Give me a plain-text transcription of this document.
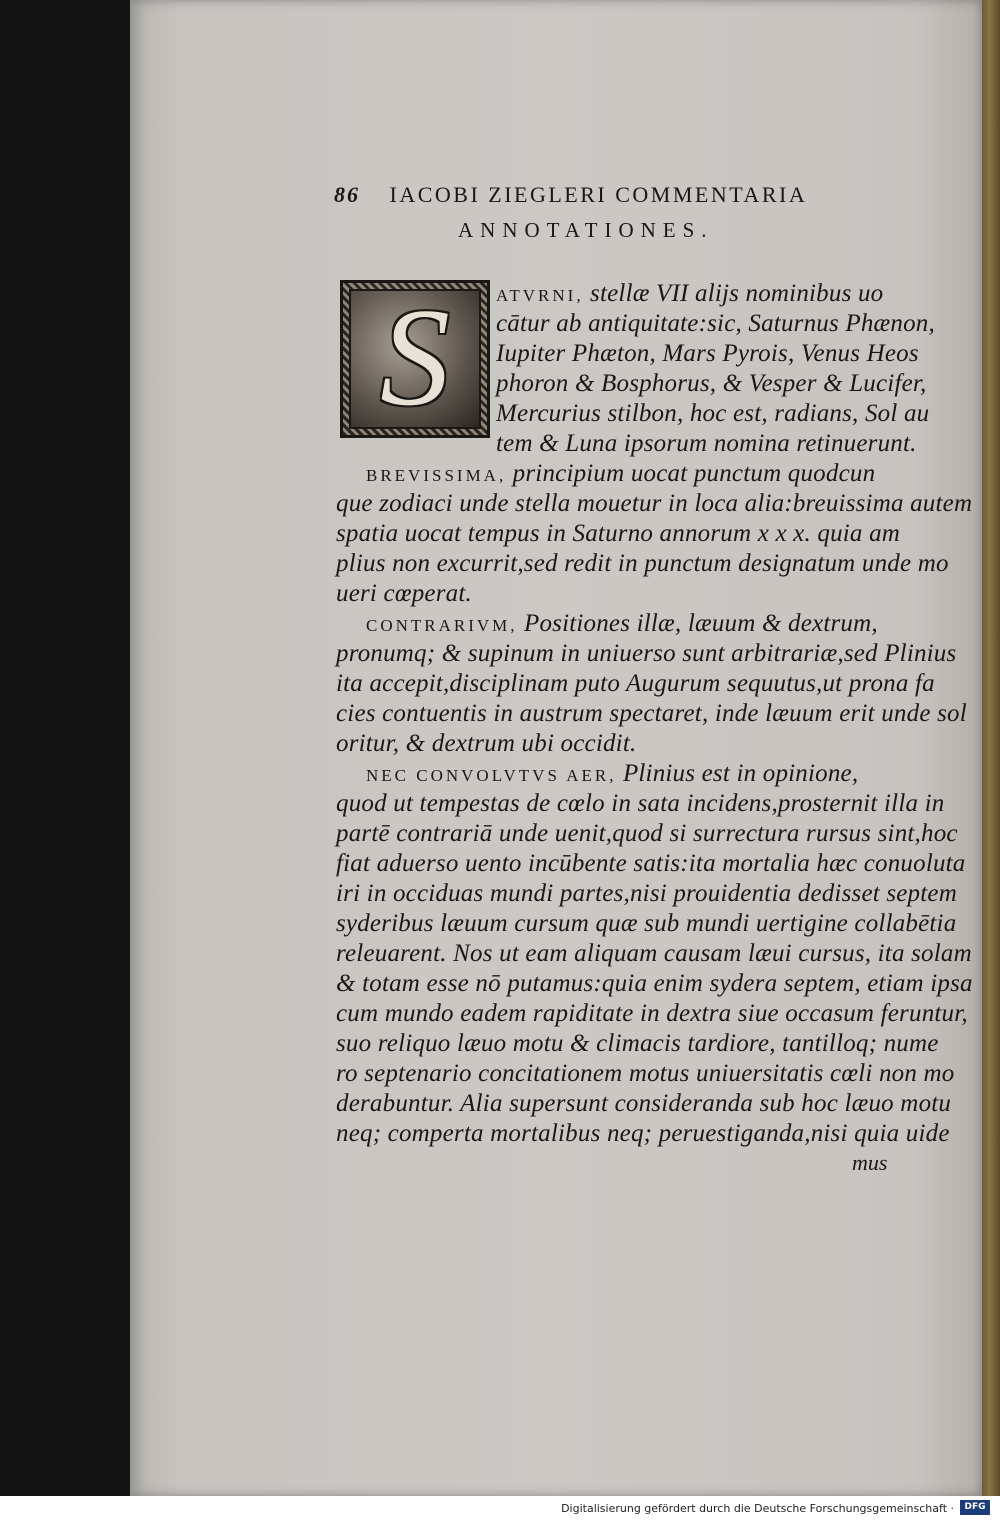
86 IACOBI ZIEGLERI COMMENTARIA
ANNOTATIONES.
S	ATVRNI, stellæ VII alijs nominibus uo
cātur ab antiquitate:sic, Saturnus Phænon,
Iupiter Phæton, Mars Pyrois, Venus Heos
phoron & Bosphorus, & Vesper & Lucifer,
Mercurius stilbon, hoc est, radians, Sol au
tem & Luna ipsorum nomina retinuerunt.
BREVISSIMA, principium uocat punctum quodcun
que zodiaci unde stella mouetur in loca alia:breuissima autem
spatia uocat tempus in Saturno annorum x x x. quia am
plius non excurrit,sed redit in punctum designatum unde mo
ueri cœperat.
CONTRARIVM, Positiones illæ, læuum & dextrum,
pronumq; & supinum in uniuerso sunt arbitrariæ,sed Plinius
ita accepit,disciplinam puto Augurum sequutus,ut prona fa
cies contuentis in austrum spectaret, inde læuum erit unde sol
oritur, & dextrum ubi occidit.
NEC CONVOLVTVS AER, Plinius est in opinione,
quod ut tempestas de cœlo in sata incidens,prosternit illa in
partē contrariā unde uenit,quod si surrectura rursus sint,hoc
fiat aduerso uento incūbente satis:ita mortalia hæc conuoluta
iri in occiduas mundi partes,nisi prouidentia dedisset septem
syderibus læuum cursum quæ sub mundi uertigine collabētia
releuarent. Nos ut eam aliquam causam læui cursus, ita solam
& totam esse nō putamus:quia enim sydera septem, etiam ipsa
cum mundo eadem rapiditate in dextra siue occasum feruntur,
suo reliquo læuo motu & climacis tardiore, tantilloq; nume
ro septenario concitationem motus uniuersitatis cœli non mo
derabuntur. Alia supersunt consideranda sub hoc læuo motu
neq; comperta mortalibus neq; peruestiganda,nisi quia uide
mus
Digitalisierung gefördert durch die Deutsche Forschungsgemeinschaft ·	DFG
